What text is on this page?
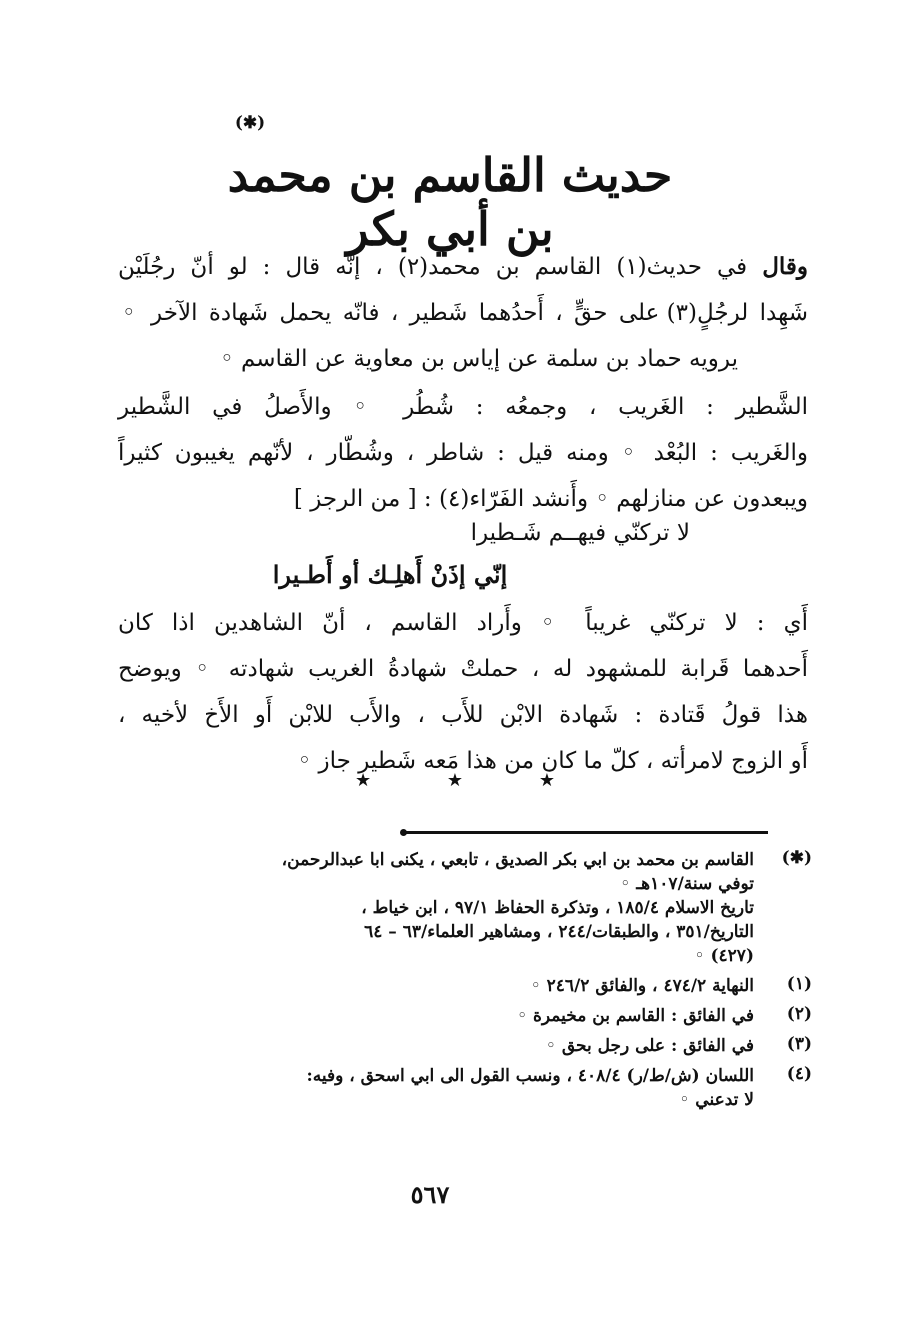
(✱)
حديث القاسم بن محمد بن أبي بكر
وقال في حديث(١) القاسم بن محمد(٢) ، إنّه قال : لو أنّ رجُلَيْن
شَهِدا لرجُلٍ(٣) على حقٍّ ، أَحدُهما شَطير ، فانّه يحمل شَهادة الآخر ◦
يرويه حماد بن سلمة عن إياس بن معاوية عن القاسم ◦
الشَّطير : الغَريب ، وجمعُه : شُطُر ◦ والأَصلُ في الشَّطير
والغَريب : البُعْد ◦ ومنه قيل : شاطر ، وشُطّار ، لأنّهم يغيبون كثيراً
ويبعدون عن منازلهم ◦ وأَنشد الفَرّاء(٤) : [ من الرجز ]
لا تركنّي فيهــم شَـطيرا
إنّي إذَنْ أَهلِـك أو أَطـيرا
أَي : لا تركنّي غريباً ◦ وأَراد القاسم ، أنّ الشاهدين اذا كان
أَحدهما قَرابة للمشهود له ، حملتْ شهادةُ الغريب شهادته ◦ ويوضح
هذا قولُ قَتادة : شَهادة الابْن للأَب ، والأَب للابْن أَو الأَخ لأخيه ،
أَو الزوج لامرأته ، كلّ ما كان من هذا مَعه شَطير جاز ◦
★	★	★
(✱)
القاسم بن محمد بن ابي بكر الصديق ، تابعي ، يكنى ابا عبدالرحمن،
توفي سنة/١٠٧هـ ◦
تاريخ الاسلام ١٨٥/٤ ، وتذكرة الحفاظ ٩٧/١ ، ابن خياط ،
التاريخ/٣٥١ ، والطبقات/٢٤٤ ، ومشاهير العلماء/٦٣ – ٦٤
(٤٢٧) ◦
(١)
النهاية ٤٧٤/٢ ، والفائق ٢٤٦/٢ ◦
(٢)
في الفائق : القاسم بن مخيمرة ◦
(٣)
في الفائق : على رجل بحق ◦
(٤)
اللسان (ش/ط/ر) ٤٠٨/٤ ، ونسب القول الى ابي اسحق ، وفيه:
لا تدعني ◦
٥٦٧
